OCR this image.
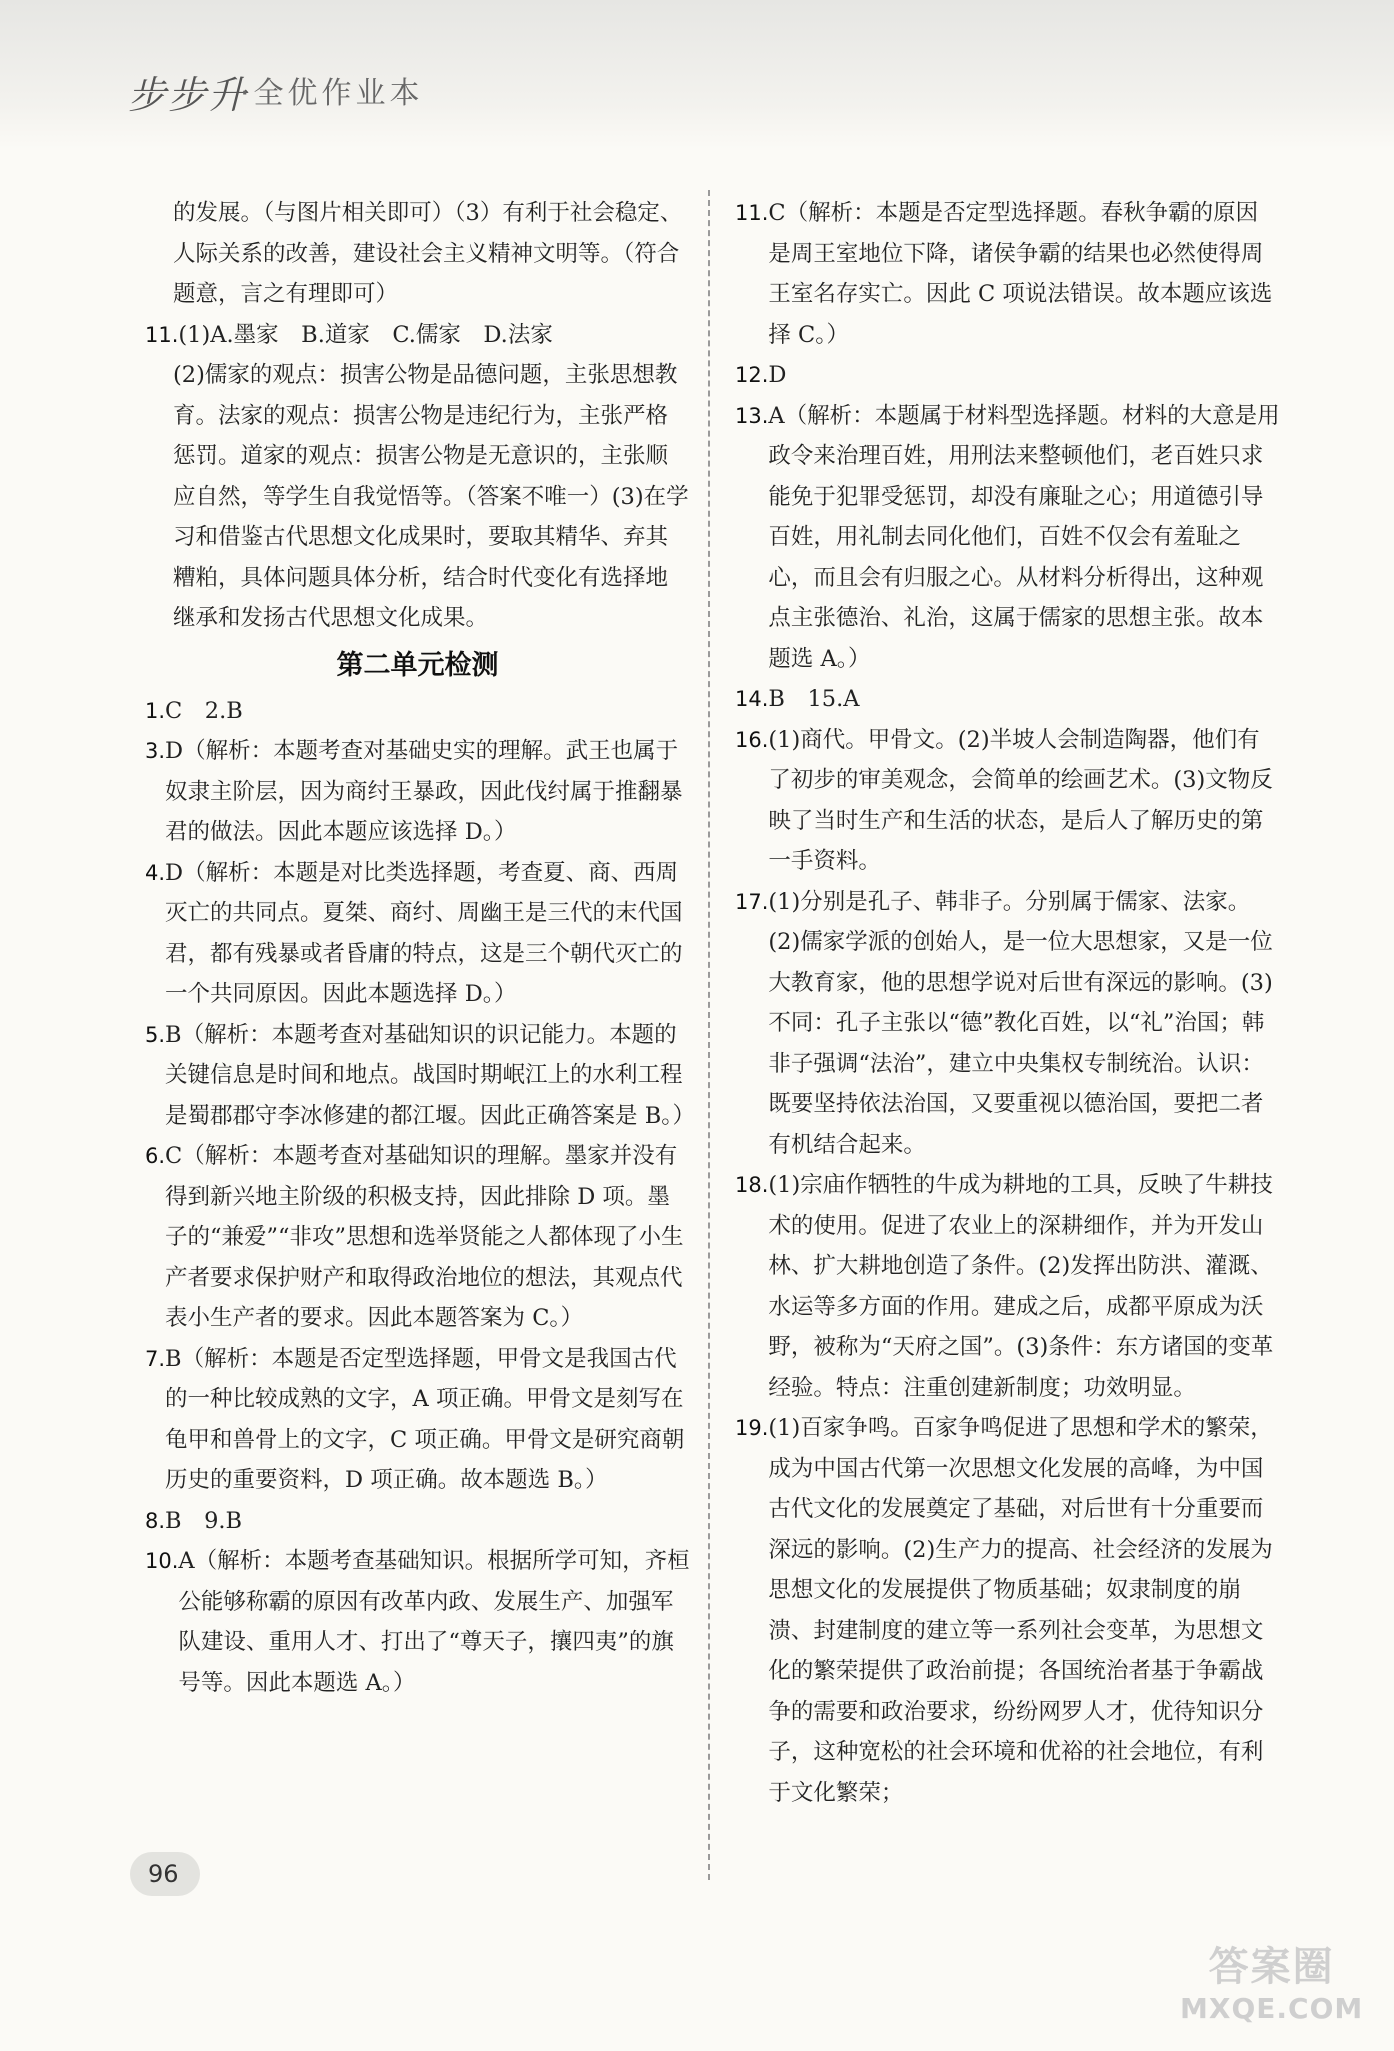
步步升
·全优作业本
的发展。（与图片相关即可）（3）有利于社会稳定、人际关系的改善，建设社会主义精神文明等。（符合题意，言之有理即可）
11. (1)A.墨家　B.道家　C.儒家　D.法家
(2)儒家的观点：损害公物是品德问题，主张思想教育。法家的观点：损害公物是违纪行为，主张严格惩罚。道家的观点：损害公物是无意识的，主张顺应自然，等学生自我觉悟等。（答案不唯一）(3)在学习和借鉴古代思想文化成果时，要取其精华、弃其糟粕，具体问题具体分析，结合时代变化有选择地继承和发扬古代思想文化成果。
第二单元检测
1. C　2.B
3. D（解析：本题考查对基础史实的理解。武王也属于奴隶主阶层，因为商纣王暴政，因此伐纣属于推翻暴君的做法。因此本题应该选择 D。）
4. D（解析：本题是对比类选择题，考查夏、商、西周灭亡的共同点。夏桀、商纣、周幽王是三代的末代国君，都有残暴或者昏庸的特点，这是三个朝代灭亡的一个共同原因。因此本题选择 D。）
5. B（解析：本题考查对基础知识的识记能力。本题的关键信息是时间和地点。战国时期岷江上的水利工程是蜀郡郡守李冰修建的都江堰。因此正确答案是 B。）
6. C（解析：本题考查对基础知识的理解。墨家并没有得到新兴地主阶级的积极支持，因此排除 D 项。墨子的“兼爱”“非攻”思想和选举贤能之人都体现了小生产者要求保护财产和取得政治地位的想法，其观点代表小生产者的要求。因此本题答案为 C。）
7. B（解析：本题是否定型选择题，甲骨文是我国古代的一种比较成熟的文字，A 项正确。甲骨文是刻写在龟甲和兽骨上的文字，C 项正确。甲骨文是研究商朝历史的重要资料，D 项正确。故本题选 B。）
8. B　9.B
10. A（解析：本题考查基础知识。根据所学可知，齐桓公能够称霸的原因有改革内政、发展生产、加强军队建设、重用人才、打出了“尊天子，攘四夷”的旗号等。因此本题选 A。）
11. C（解析：本题是否定型选择题。春秋争霸的原因是周王室地位下降，诸侯争霸的结果也必然使得周王室名存实亡。因此 C 项说法错误。故本题应该选择 C。）
12. D
13. A（解析：本题属于材料型选择题。材料的大意是用政令来治理百姓，用刑法来整顿他们，老百姓只求能免于犯罪受惩罚，却没有廉耻之心；用道德引导百姓，用礼制去同化他们，百姓不仅会有羞耻之心，而且会有归服之心。从材料分析得出，这种观点主张德治、礼治，这属于儒家的思想主张。故本题选 A。）
14. B　15.A
16. (1)商代。甲骨文。(2)半坡人会制造陶器，他们有了初步的审美观念，会简单的绘画艺术。(3)文物反映了当时生产和生活的状态，是后人了解历史的第一手资料。
17. (1)分别是孔子、韩非子。分别属于儒家、法家。(2)儒家学派的创始人，是一位大思想家，又是一位大教育家，他的思想学说对后世有深远的影响。(3)不同：孔子主张以“德”教化百姓，以“礼”治国；韩非子强调“法治”，建立中央集权专制统治。认识：既要坚持依法治国，又要重视以德治国，要把二者有机结合起来。
18. (1)宗庙作牺牲的牛成为耕地的工具，反映了牛耕技术的使用。促进了农业上的深耕细作，并为开发山林、扩大耕地创造了条件。(2)发挥出防洪、灌溉、水运等多方面的作用。建成之后，成都平原成为沃野，被称为“天府之国”。(3)条件：东方诸国的变革经验。特点：注重创建新制度；功效明显。
19. (1)百家争鸣。百家争鸣促进了思想和学术的繁荣，成为中国古代第一次思想文化发展的高峰，为中国古代文化的发展奠定了基础，对后世有十分重要而深远的影响。(2)生产力的提高、社会经济的发展为思想文化的发展提供了物质基础；奴隶制度的崩溃、封建制度的建立等一系列社会变革，为思想文化的繁荣提供了政治前提；各国统治者基于争霸战争的需要和政治要求，纷纷网罗人才，优待知识分子，这种宽松的社会环境和优裕的社会地位，有利于文化繁荣；
96
答案圈
MXQE.COM
